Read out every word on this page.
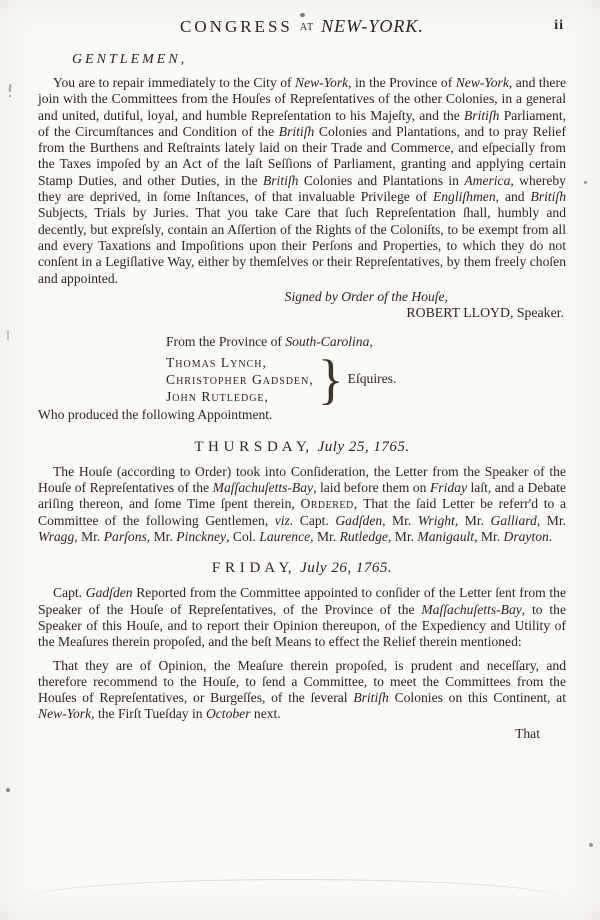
CONGRESS AT NEW-YORK.	ii
GENTLEMEN,

You are to repair immediately to the City of New-York, in the Province of New-York, and there join with the Committees from the Houſes of Repreſentatives of the other Colonies, in a general and united, dutiful, loyal, and humble Repreſentation to his Majeſty, and the Britiſh Parliament, of the Circumſtances and Condition of the Britiſh Colonies and Plantations, and to pray Relief from the Burthens and Reſtraints lately laid on their Trade and Commerce, and eſpecially from the Taxes impoſed by an Act of the laſt Seſſions of Parliament, granting and applying certain Stamp Duties, and other Duties, in the Britiſh Colonies and Plantations in America, whereby they are deprived, in ſome Inſtances, of that invaluable Privilege of Engliſhmen, and Britiſh Subjects, Trials by Juries. That you take Care that ſuch Repreſentation ſhall, humbly and decently, but expreſsly, contain an Aſſertion of the Rights of the Coloniſts, to be exempt from all and every Taxations and Impoſitions upon their Perſons and Properties, to which they do not conſent in a Legiſlative Way, either by themſelves or their Repreſentatives, by them freely choſen and appointed.

Signed by Order of the Houſe,
ROBERT LLOYD, Speaker.
From the Province of South-Carolina,
Thomas Lynch,
Christopher Gadsden,
John Rutledge, } Eſquires.
Who produced the following Appointment.
T H U R S D A Y, July 25, 1765.

The Houſe (according to Order) took into Conſideration, the Letter from the Speaker of the Houſe of Repreſentatives of the Maſſachuſetts-Bay, laid before them on Friday laſt, and a Debate ariſing thereon, and ſome Time ſpent therein, Ordered, That the ſaid Letter be referr'd to a Committee of the following Gentlemen, viz. Capt. Gadſden, Mr. Wright, Mr. Galliard, Mr. Wragg, Mr. Parſons, Mr. Pinckney, Col. Laurence, Mr. Rutledge, Mr. Manigault, Mr. Drayton.

F R I D A Y, July 26, 1765.

Capt. Gadſden Reported from the Committee appointed to conſider of the Letter ſent from the Speaker of the Houſe of Repreſentatives, of the Province of the Maſſachuſetts-Bay, to the Speaker of this Houſe, and to report their Opinion thereupon, of the Expediency and Utility of the Meaſures therein propoſed, and the beſt Means to effect the Relief therein mentioned:

That they are of Opinion, the Meaſure therein propoſed, is prudent and neceſſary, and therefore recommend to the Houſe, to ſend a Committee, to meet the Committees from the Houſes of Repreſentatives, or Burgeſſes, of the ſeveral Britiſh Colonies on this Continent, at New-York, the Firſt Tueſday in October next.

That
